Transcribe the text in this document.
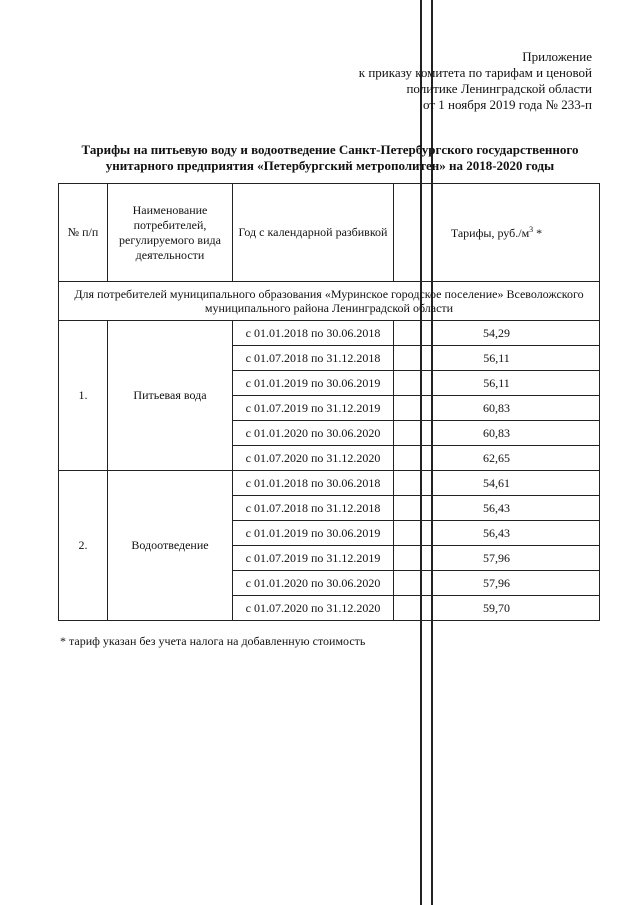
Приложение
к приказу комитета по тарифам и ценовой
политике Ленинградской области
от 1 ноября 2019 года № 233-п
Тарифы на питьевую воду и водоотведение Санкт-Петербургского государственного
унитарного предприятия «Петербургский метрополитен» на 2018-2020 годы
№ п/п	Наименование потребителей, регулируемого вида деятельности	Год с календарной разбивкой	Тарифы, $руб./м^3$ *
Для потребителей муниципального образования «Муринское городское поселение» Всеволожского муниципального района Ленинградской области			
1.	Питьевая вода	с 01.01.2018 по 30.06.2018	54,29
		с 01.07.2018 по 31.12.2018	56,11
		с 01.01.2019 по 30.06.2019	56,11
		с 01.07.2019 по 31.12.2019	60,83
		с 01.01.2020 по 30.06.2020	60,83
		с 01.07.2020 по 31.12.2020	62,65
2.	Водоотведение	с 01.01.2018 по 30.06.2018	54,61
		с 01.07.2018 по 31.12.2018	56,43
		с 01.01.2019 по 30.06.2019	56,43
		с 01.07.2019 по 31.12.2019	57,96
		с 01.01.2020 по 30.06.2020	57,96
		с 01.07.2020 по 31.12.2020	59,70
* тариф указан без учета налога на добавленную стоимость
